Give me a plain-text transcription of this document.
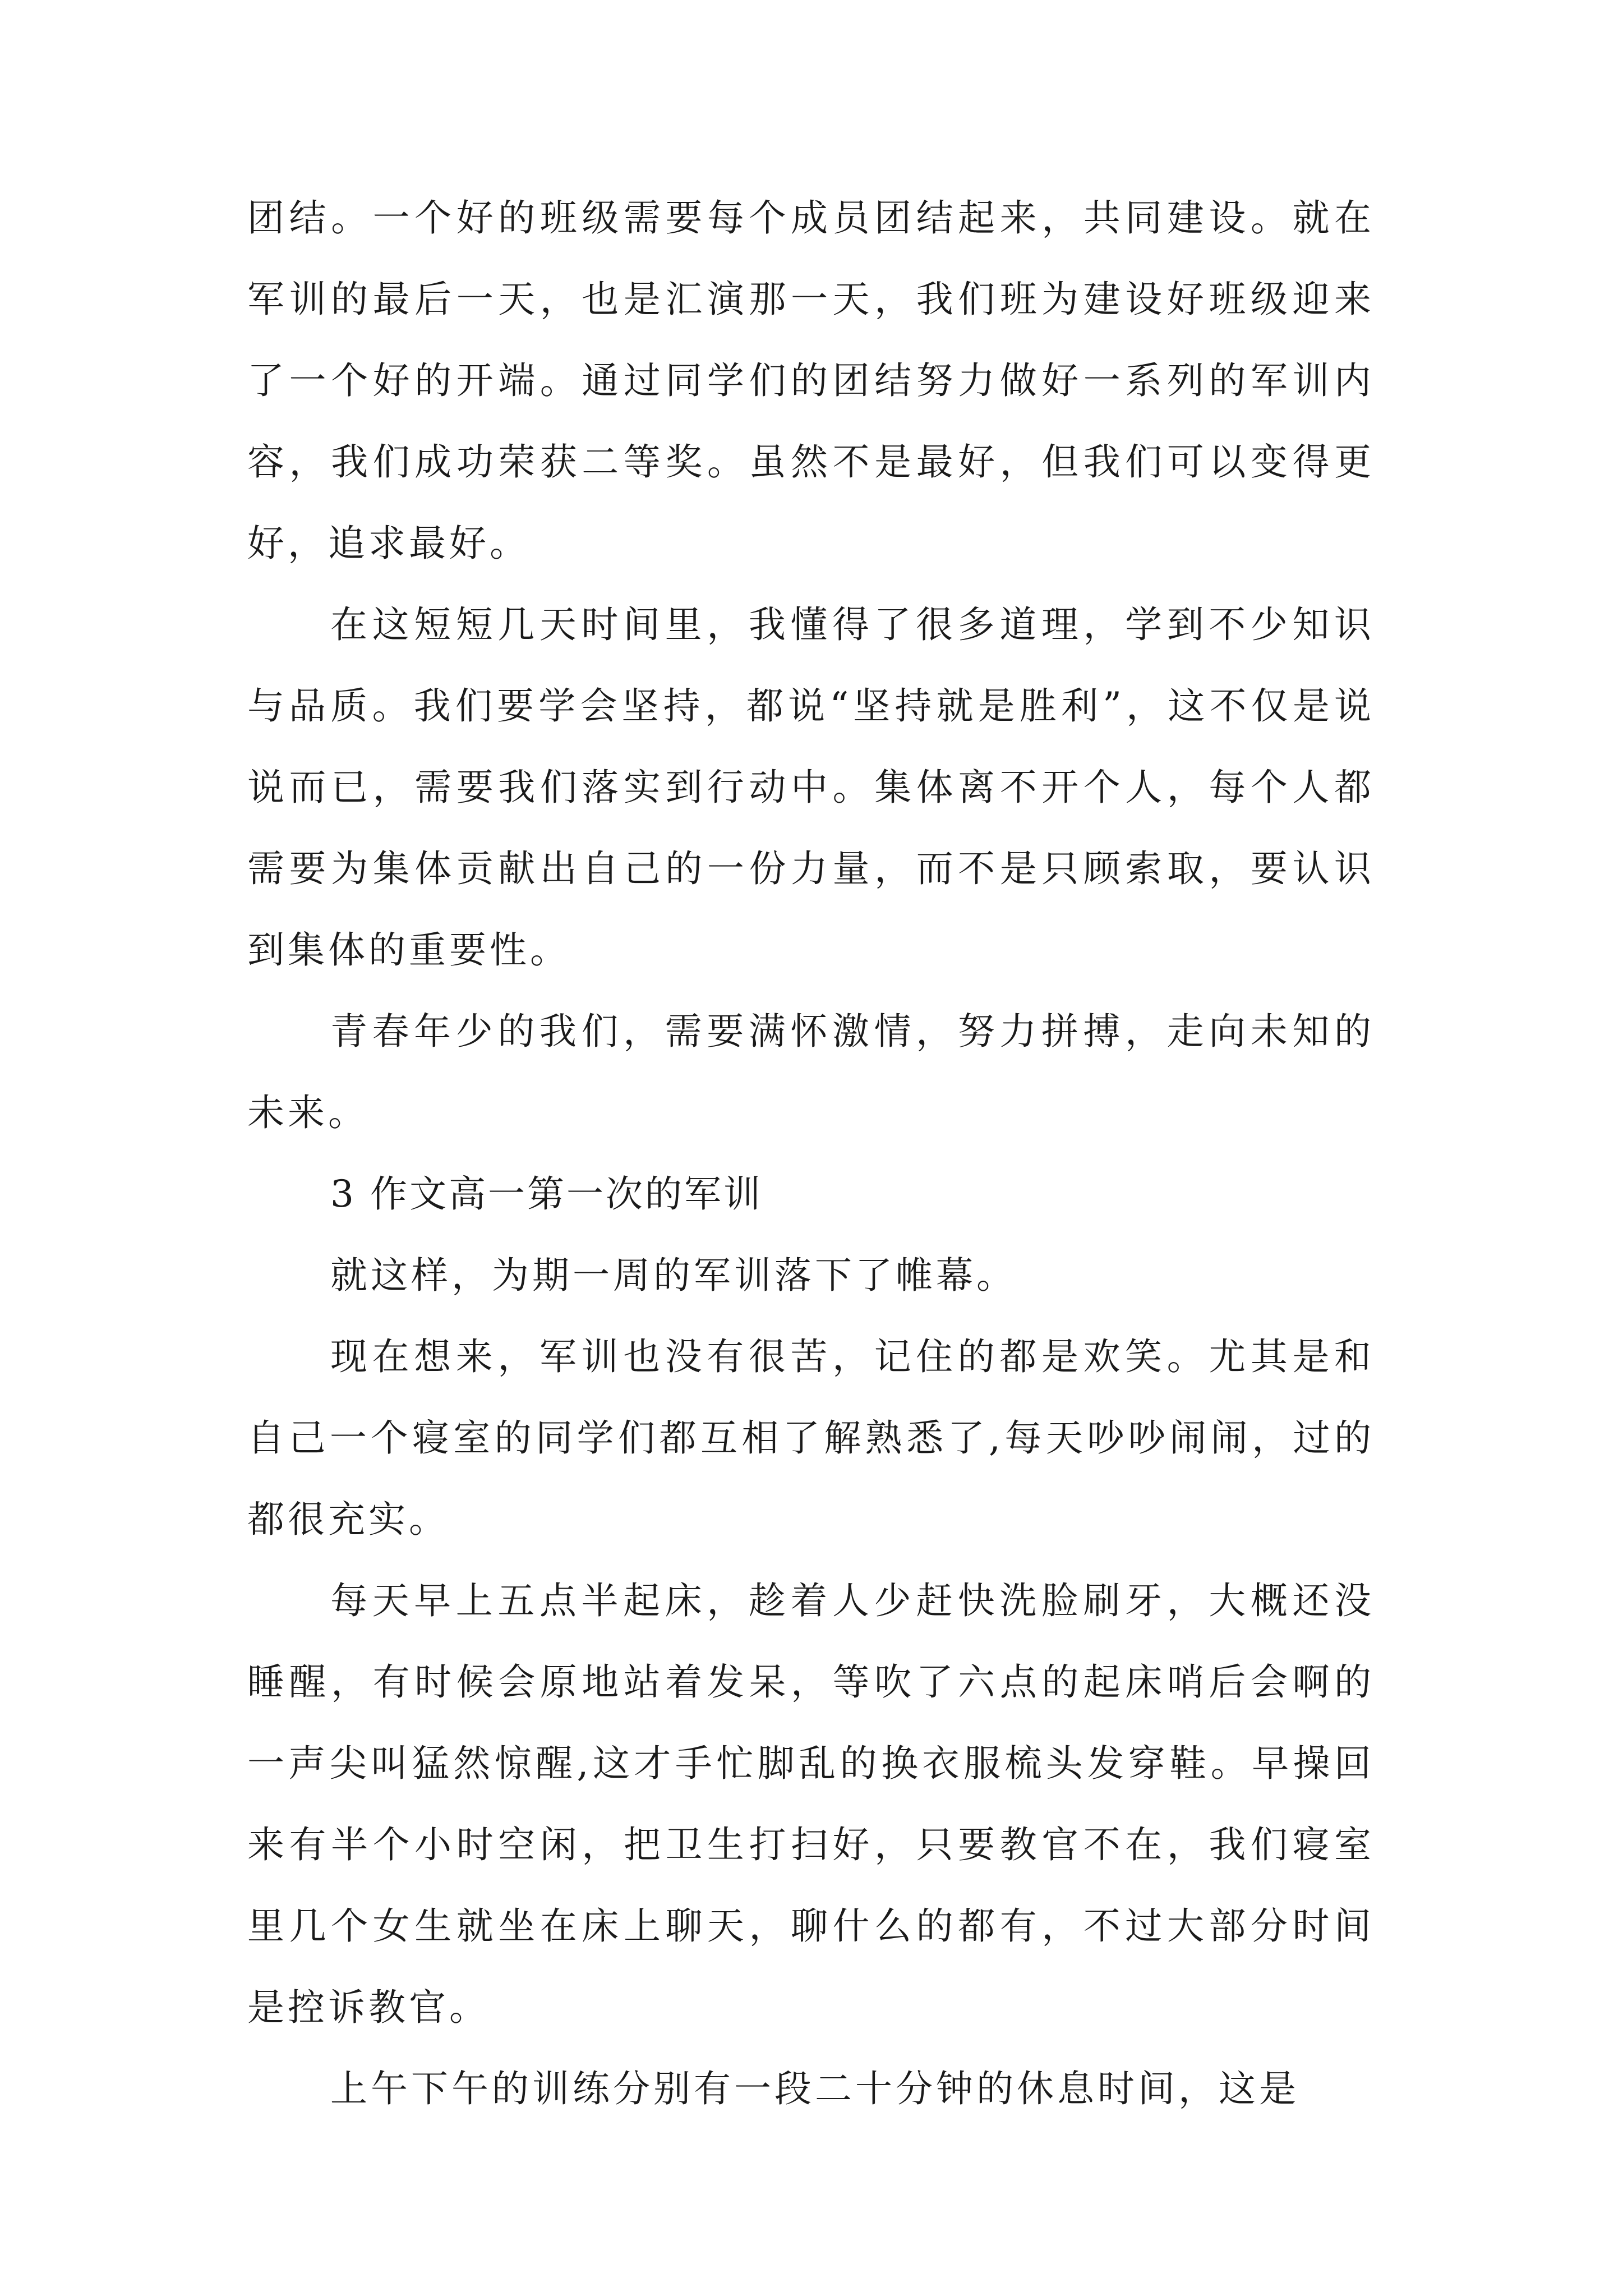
团结。一个好的班级需要每个成员团结起来，共同建设。就在军训的最后一天，也是汇演那一天，我们班为建设好班级迎来了一个好的开端。通过同学们的团结努力做好一系列的军训内容，我们成功荣获二等奖。虽然不是最好，但我们可以变得更好，追求最好。

在这短短几天时间里，我懂得了很多道理，学到不少知识与品质。我们要学会坚持，都说“坚持就是胜利”，这不仅是说说而已，需要我们落实到行动中。集体离不开个人，每个人都需要为集体贡献出自己的一份力量，而不是只顾索取，要认识到集体的重要性。

青春年少的我们，需要满怀激情，努力拼搏，走向未知的未来。

3 作文高一第一次的军训

就这样，为期一周的军训落下了帷幕。

现在想来，军训也没有很苦，记住的都是欢笑。尤其是和自己一个寝室的同学们都互相了解熟悉了,每天吵吵闹闹，过的都很充实。

每天早上五点半起床，趁着人少赶快洗脸刷牙，大概还没睡醒，有时候会原地站着发呆，等吹了六点的起床哨后会啊的一声尖叫猛然惊醒,这才手忙脚乱的换衣服梳头发穿鞋。早操回来有半个小时空闲，把卫生打扫好，只要教官不在，我们寝室里几个女生就坐在床上聊天，聊什么的都有，不过大部分时间是控诉教官。

上午下午的训练分别有一段二十分钟的休息时间，这是
